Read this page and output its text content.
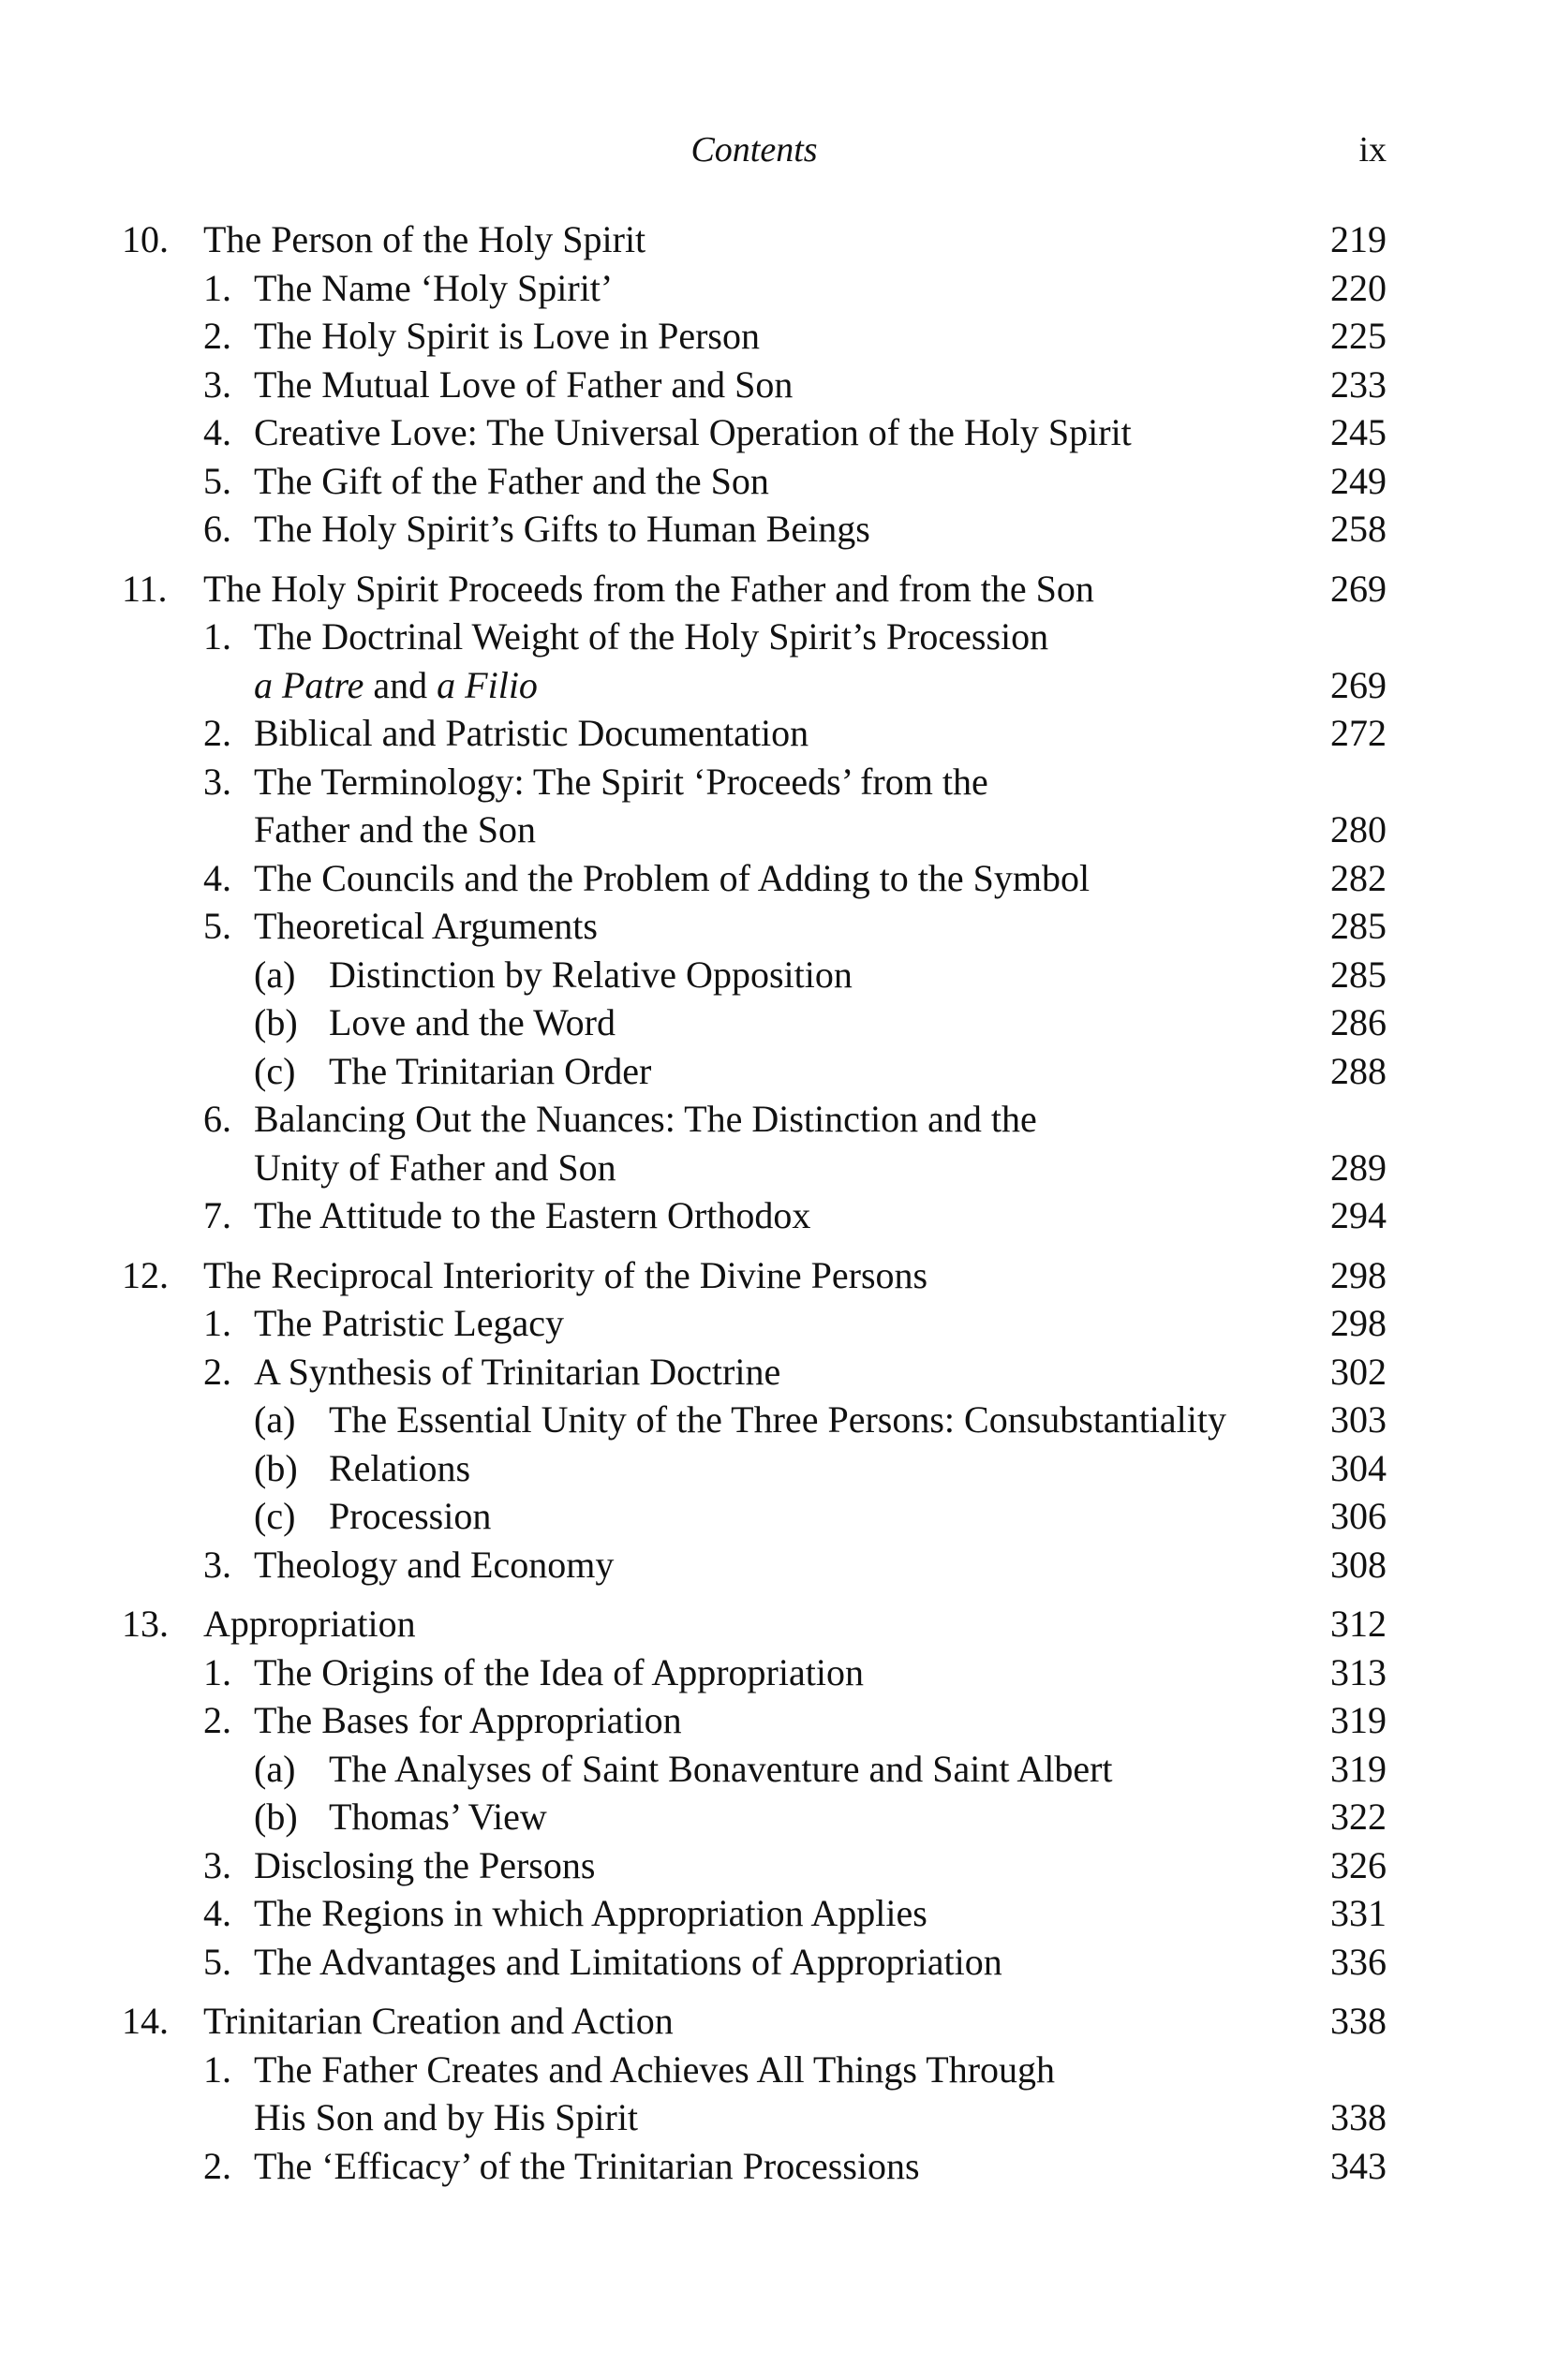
Contents	ix
10. The Person of the Holy Spirit	219
1. The Name ‘Holy Spirit’	220
2. The Holy Spirit is Love in Person	225
3. The Mutual Love of Father and Son	233
4. Creative Love: The Universal Operation of the Holy Spirit	245
5. The Gift of the Father and the Son	249
6. The Holy Spirit’s Gifts to Human Beings	258
11. The Holy Spirit Proceeds from the Father and from the Son	269
1. The Doctrinal Weight of the Holy Spirit’s Procession
a Patre and a Filio	269
2. Biblical and Patristic Documentation	272
3. The Terminology: The Spirit ‘Proceeds’ from the
Father and the Son	280
4. The Councils and the Problem of Adding to the Symbol	282
5. Theoretical Arguments	285
(a) Distinction by Relative Opposition	285
(b) Love and the Word	286
(c) The Trinitarian Order	288
6. Balancing Out the Nuances: The Distinction and the
Unity of Father and Son	289
7. The Attitude to the Eastern Orthodox	294
12. The Reciprocal Interiority of the Divine Persons	298
1. The Patristic Legacy	298
2. A Synthesis of Trinitarian Doctrine	302
(a) The Essential Unity of the Three Persons: Consubstantiality	303
(b) Relations	304
(c) Procession	306
3. Theology and Economy	308
13. Appropriation	312
1. The Origins of the Idea of Appropriation	313
2. The Bases for Appropriation	319
(a) The Analyses of Saint Bonaventure and Saint Albert	319
(b) Thomas’ View	322
3. Disclosing the Persons	326
4. The Regions in which Appropriation Applies	331
5. The Advantages and Limitations of Appropriation	336
14. Trinitarian Creation and Action	338
1. The Father Creates and Achieves All Things Through
His Son and by His Spirit	338
2. The ‘Efficacy’ of the Trinitarian Processions	343
